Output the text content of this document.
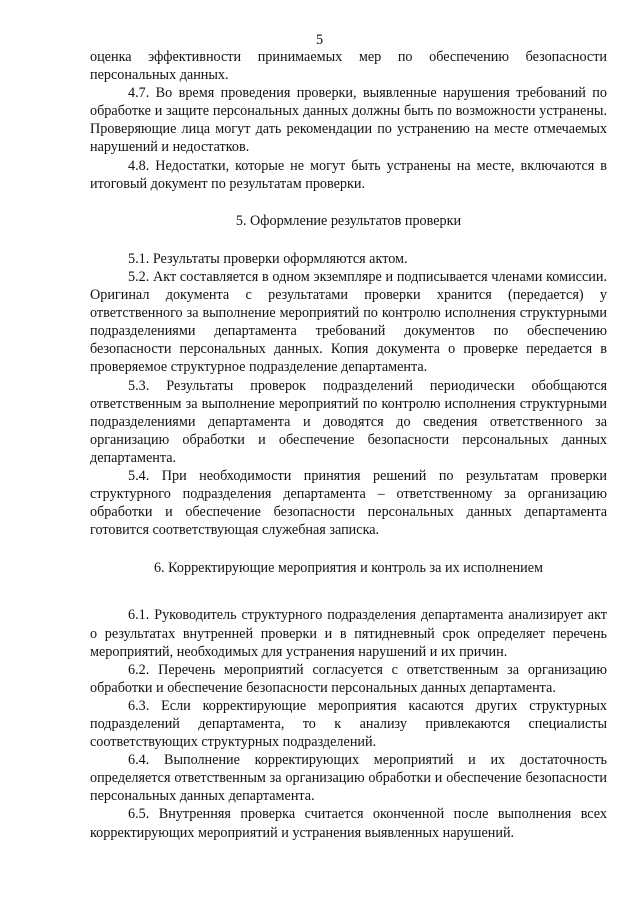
5

оценка эффективности принимаемых мер по обеспечению безопасности персональных данных.

4.7. Во время проведения проверки, выявленные нарушения требований по обработке и защите персональных данных должны быть по возможности устранены. Проверяющие лица могут дать рекомендации по устранению на месте отмечаемых нарушений и недостатков.

4.8. Недостатки, которые не могут быть устранены на месте, включаются в итоговый документ по результатам проверки.

5. Оформление результатов проверки

5.1. Результаты проверки оформляются актом.

5.2. Акт составляется в одном экземпляре и подписывается членами комиссии. Оригинал документа с результатами проверки хранится (передается) у ответственного за выполнение мероприятий по контролю исполнения структурными подразделениями департамента требований документов по обеспечению безопасности персональных данных. Копия документа о проверке передается в проверяемое структурное подразделение департамента.

5.3. Результаты проверок подразделений периодически обобщаются ответственным за выполнение мероприятий по контролю исполнения структурными подразделениями департамента и доводятся до сведения ответственного за организацию обработки и обеспечение безопасности персональных данных департамента.

5.4. При необходимости принятия решений по результатам проверки структурного подразделения департамента – ответственному за организацию обработки и обеспечение безопасности персональных данных департамента готовится соответствующая служебная записка.

6. Корректирующие мероприятия и контроль за их исполнением

6.1. Руководитель структурного подразделения департамента анализирует акт о результатах внутренней проверки и в пятидневный срок определяет перечень мероприятий, необходимых для устранения нарушений и их причин.

6.2. Перечень мероприятий согласуется с ответственным за организацию обработки и обеспечение безопасности персональных данных департамента.

6.3. Если корректирующие мероприятия касаются других структурных подразделений департамента, то к анализу привлекаются специалисты соответствующих структурных подразделений.

6.4. Выполнение корректирующих мероприятий и их достаточность определяется ответственным за организацию обработки и обеспечение безопасности персональных данных департамента.

6.5. Внутренняя проверка считается оконченной после выполнения всех корректирующих мероприятий и устранения выявленных нарушений.
